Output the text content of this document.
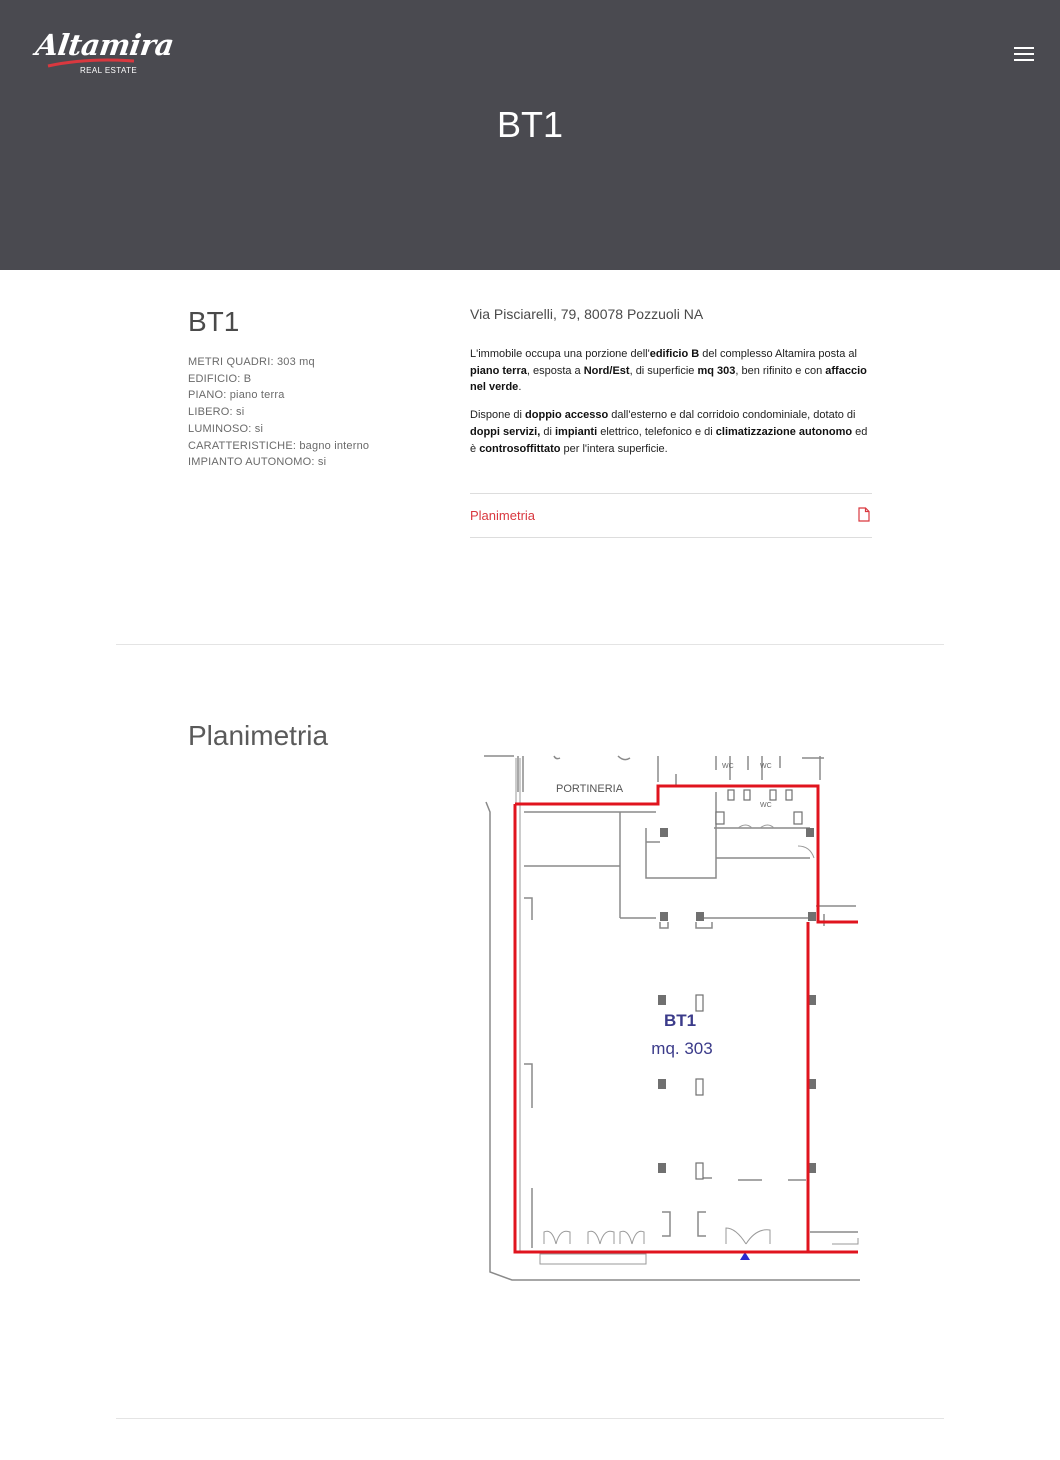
Altamira
REAL ESTATE
BT1
BT1
METRI QUADRI: 303 mq
EDIFICIO: B
PIANO: piano terra
LIBERO: si
LUMINOSO: si
CARATTERISTICHE: bagno interno
IMPIANTO AUTONOMO: si

Via Pisciarelli, 79, 80078 Pozzuoli NA

L'immobile occupa una porzione dell'edificio B del complesso Altamira posta al piano terra, esposta a Nord/Est, di superficie mq 303, ben rifinito e con affaccio nel verde.

Dispone di doppio accesso dall'esterno e dal corridoio condominiale, dotato di doppi servizi, di impianti elettrico, telefonico e di climatizzazione autonomo ed è controsoffittato per l'intera superficie.

Planimetria
Planimetria
PORTINERIA
WC	WC
WC
BT1
mq. 303
